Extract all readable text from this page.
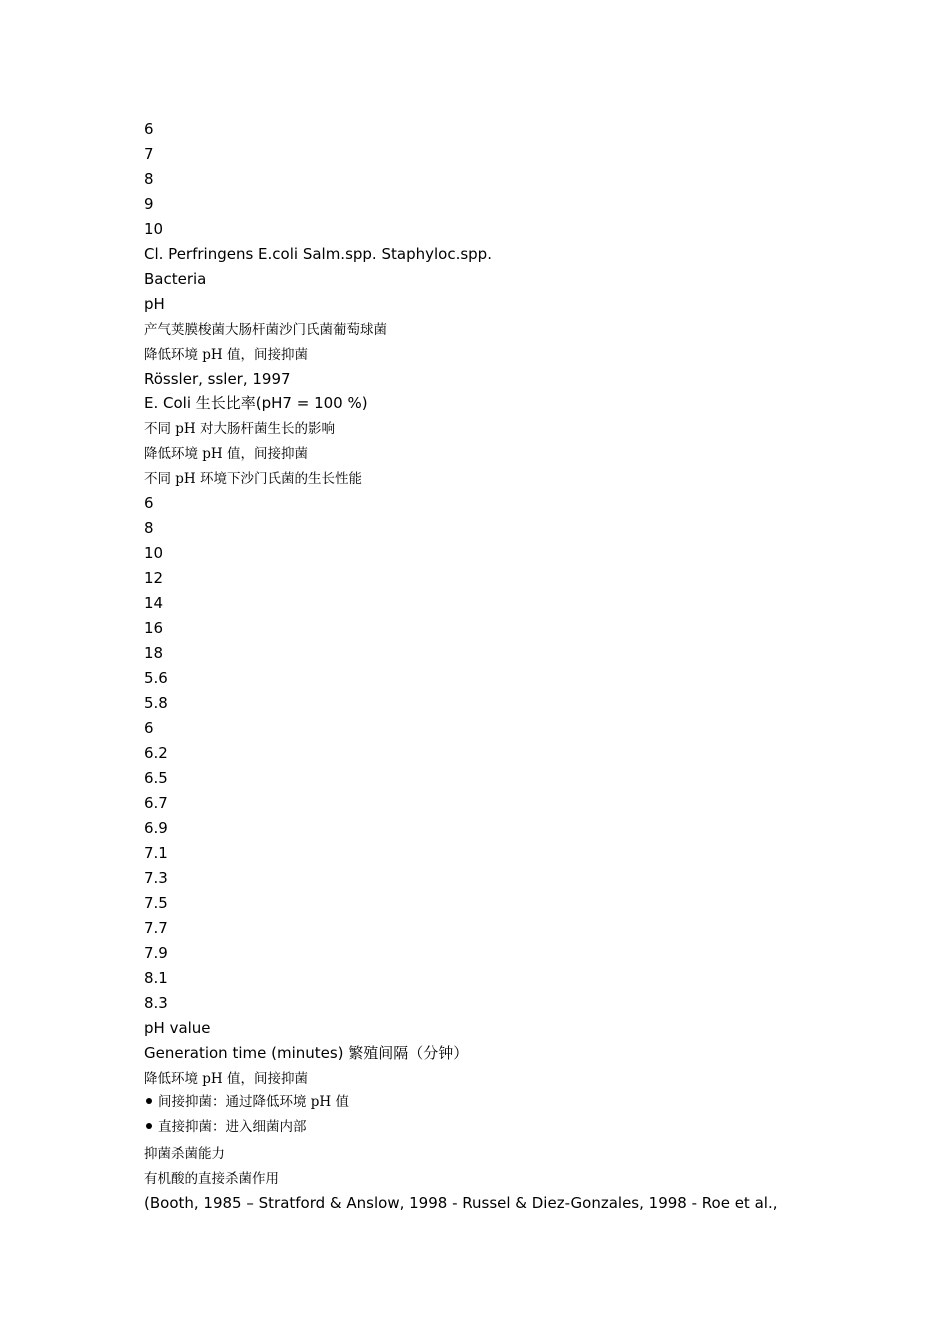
6
7
8
9
10
Cl. Perfringens E.coli Salm.spp. Staphyloc.spp.
Bacteria
pH
产气荚膜梭菌大肠杆菌沙门氏菌葡萄球菌
降低环境 pH 值，间接抑菌
Rössler, ssler, 1997
E. Coli 生长比率(pH7 = 100 %)
不同 pH 对大肠杆菌生长的影响
降低环境 pH 值，间接抑菌
不同 pH 环境下沙门氏菌的生长性能
6
8
10
12
14
16
18
5.6
5.8
6
6.2
6.5
6.7
6.9
7.1
7.3
7.5
7.7
7.9
8.1
8.3
pH value
Generation time (minutes) 繁殖间隔（分钟）
降低环境 pH 值，间接抑菌
间接抑菌：通过降低环境 pH 值
直接抑菌：进入细菌内部
抑菌杀菌能力
有机酸的直接杀菌作用
(Booth, 1985 – Stratford & Anslow, 1998 - Russel & Diez-Gonzales, 1998 - Roe et al.,
